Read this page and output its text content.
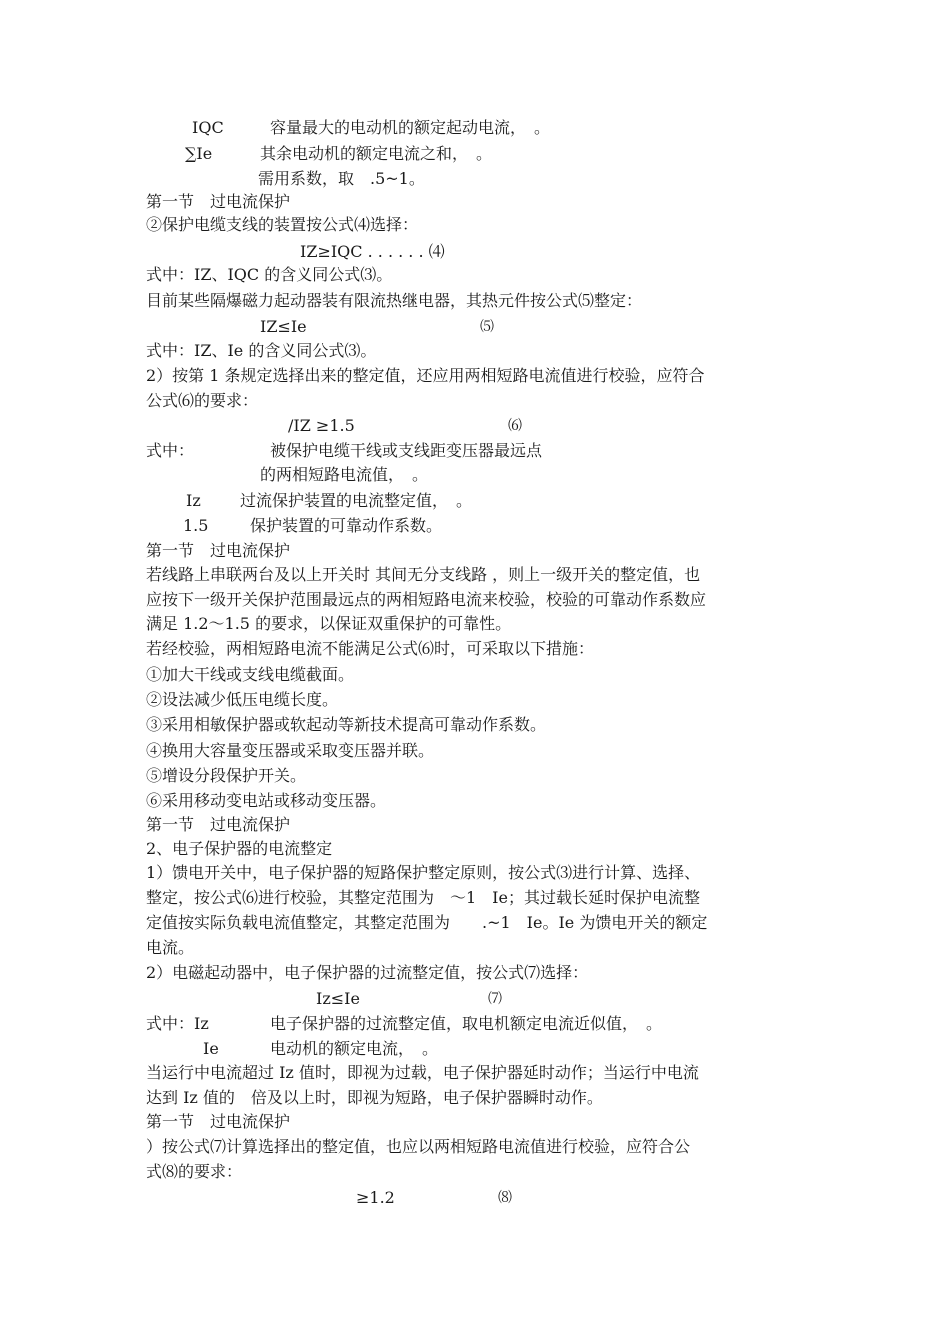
IQC	容量最大的电动机的额定起动电流，　。
∑Ie	其余电动机的额定电流之和，　。
需用系数，取　.5~1。
第一节　过电流保护
②保护电缆支线的装置按公式⑷选择：
IZ≥IQC . . . . . . ⑷
式中：IZ、IQC 的含义同公式⑶。
目前某些隔爆磁力起动器装有限流热继电器，其热元件按公式⑸整定：
IZ≤Ie	⑸
式中：IZ、Ie 的含义同公式⑶。
2）按第 1 条规定选择出来的整定值，还应用两相短路电流值进行校验，应符合
公式⑹的要求：
/IZ ≥1.5	⑹
式中：	被保护电缆干线或支线距变压器最远点
的两相短路电流值，　。
Iz 过流保护装置的电流整定值，　。
1.5	保护装置的可靠动作系数。
第一节　过电流保护
若线路上串联两台及以上开关时 其间无分支线路 ，则上一级开关的整定值，也
应按下一级开关保护范围最远点的两相短路电流来校验，校验的可靠动作系数应
满足 1.2～1.5 的要求，以保证双重保护的可靠性。
若经校验，两相短路电流不能满足公式⑹时，可采取以下措施：
①加大干线或支线电缆截面。
②设法减少低压电缆长度。
③采用相敏保护器或软起动等新技术提高可靠动作系数。
④换用大容量变压器或采取变压器并联。
⑤增设分段保护开关。
⑥采用移动变电站或移动变压器。
第一节　过电流保护
2、电子保护器的电流整定
1）馈电开关中，电子保护器的短路保护整定原则，按公式⑶进行计算、选择、
整定，按公式⑹进行校验，其整定范围为　～1　Ie；其过载长延时保护电流整
定值按实际负载电流值整定，其整定范围为　　.~1　Ie。Ie 为馈电开关的额定
电流。
2）电磁起动器中，电子保护器的过流整定值，按公式⑺选择：
Iz≤Ie	⑺
式中：Iz	电子保护器的过流整定值，取电机额定电流近似值，　。
Ie	电动机的额定电流，　。
当运行中电流超过 Iz 值时，即视为过载，电子保护器延时动作；当运行中电流
达到 Iz 值的　倍及以上时，即视为短路，电子保护器瞬时动作。
第一节　过电流保护
）按公式⑺计算选择出的整定值，也应以两相短路电流值进行校验，应符合公
式⑻的要求：
≥1.2	⑻
